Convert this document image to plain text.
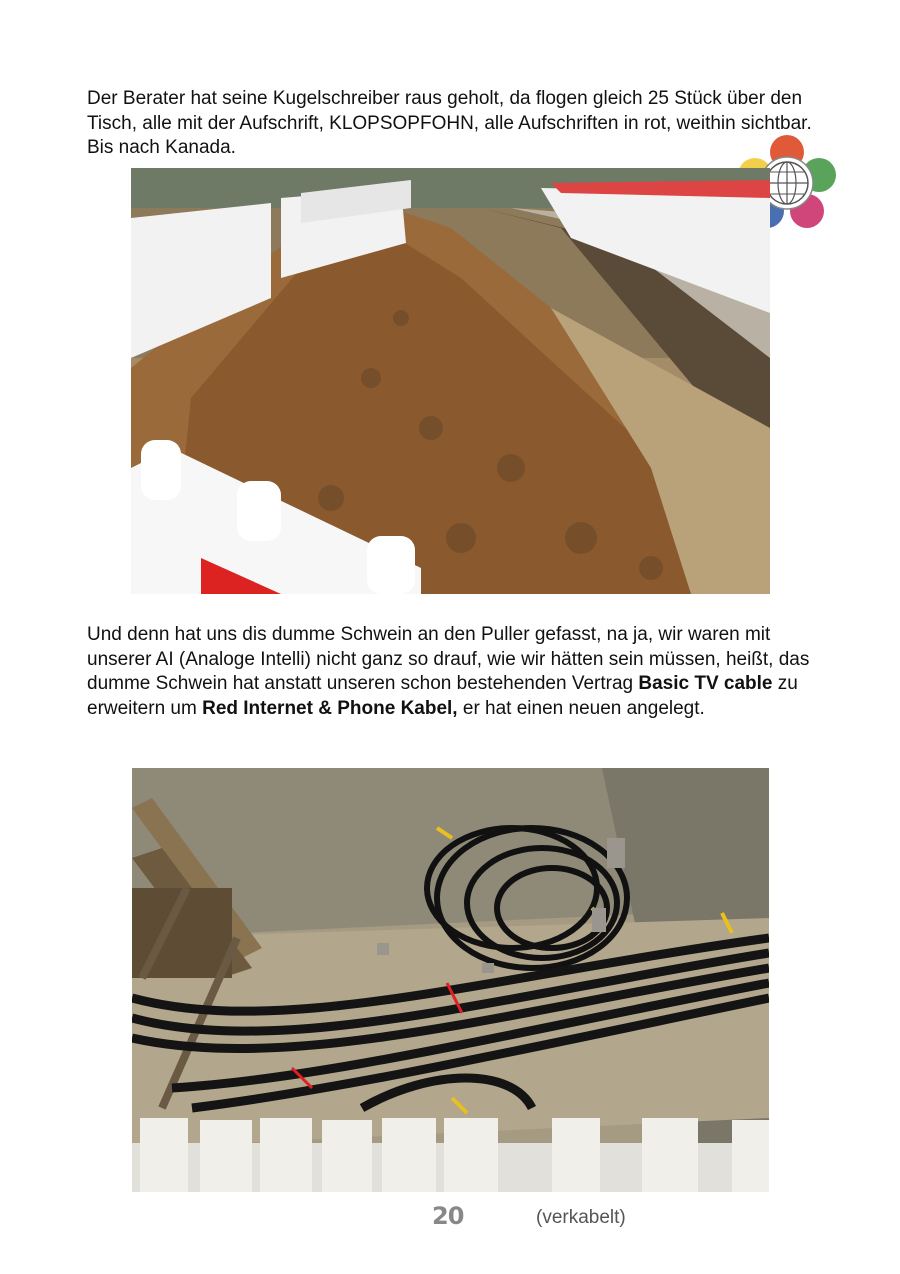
Der Berater hat seine Kugelschreiber raus geholt, da flogen gleich 25 Stück über den Tisch, alle mit der Aufschrift, KLOPSOPFOHN, alle Aufschriften in rot, weithin sichtbar. Bis nach Kanada.

Und denn hat uns dis dumme Schwein an den Puller gefasst, na ja, wir waren mit unserer AI (Analoge Intelli) nicht ganz so drauf, wie wir hätten sein müssen, heißt, das dumme Schwein hat anstatt unseren schon bestehenden Vertrag Basic TV cable zu erweitern um Red Internet & Phone Kabel, er hat einen neuen angelegt.

20	(verkabelt)
